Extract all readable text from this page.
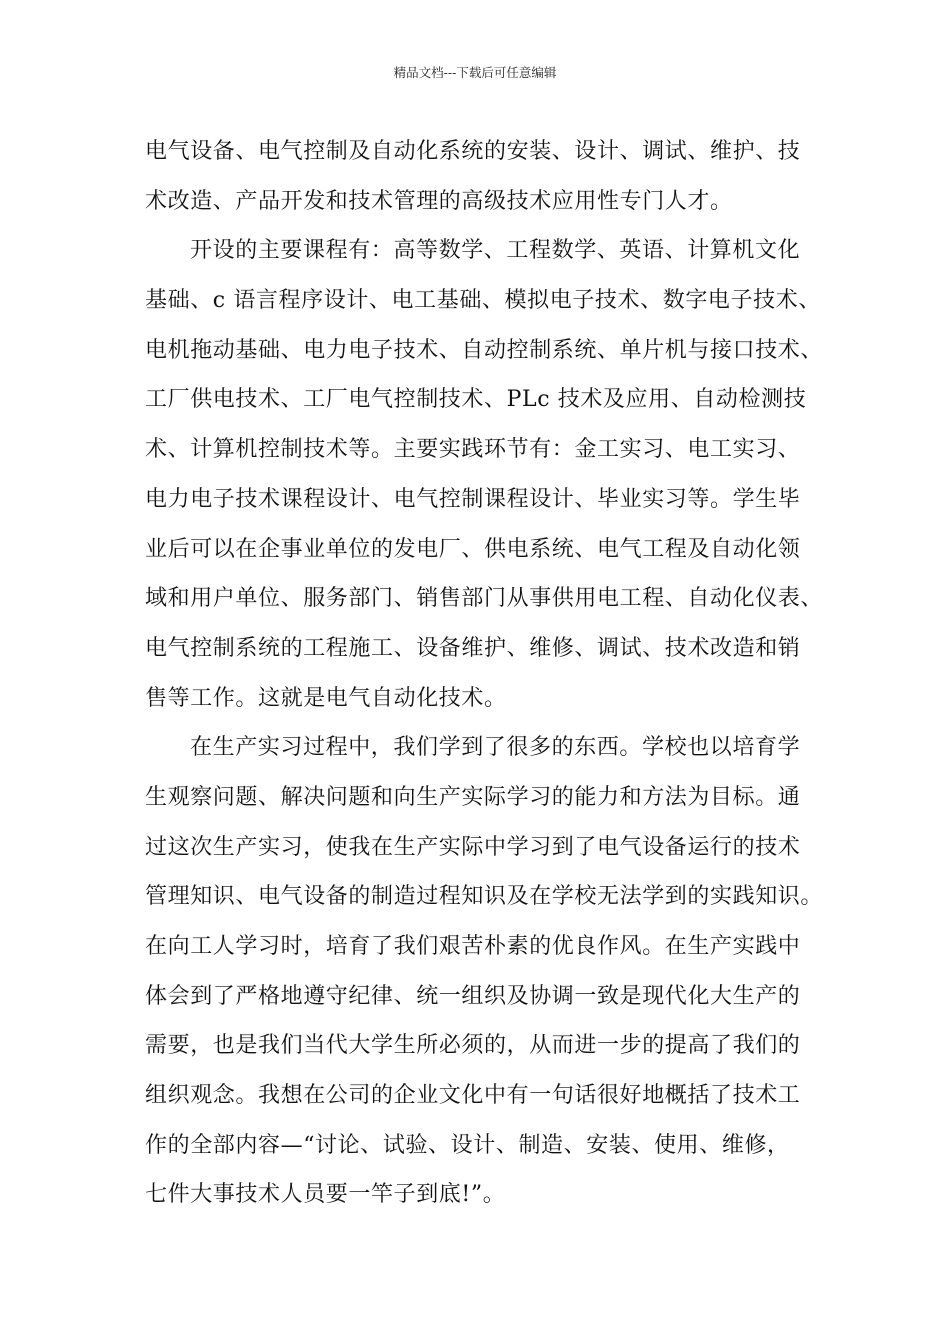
精品文档---下载后可任意编辑
电气设备、电气控制及自动化系统的安装、设计、调试、维护、技
术改造、产品开发和技术管理的高级技术应用性专门人才。
开设的主要课程有：高等数学、工程数学、英语、计算机文化
基础、c 语言程序设计、电工基础、模拟电子技术、数字电子技术、
电机拖动基础、电力电子技术、自动控制系统、单片机与接口技术、
工厂供电技术、工厂电气控制技术、PLc 技术及应用、自动检测技
术、计算机控制技术等。主要实践环节有：金工实习、电工实习、
电力电子技术课程设计、电气控制课程设计、毕业实习等。学生毕
业后可以在企事业单位的发电厂、供电系统、电气工程及自动化领
域和用户单位、服务部门、销售部门从事供用电工程、自动化仪表、
电气控制系统的工程施工、设备维护、维修、调试、技术改造和销
售等工作。这就是电气自动化技术。
在生产实习过程中，我们学到了很多的东西。学校也以培育学
生观察问题、解决问题和向生产实际学习的能力和方法为目标。通
过这次生产实习，使我在生产实际中学习到了电气设备运行的技术
管理知识、电气设备的制造过程知识及在学校无法学到的实践知识。
在向工人学习时，培育了我们艰苦朴素的优良作风。在生产实践中
体会到了严格地遵守纪律、统一组织及协调一致是现代化大生产的
需要，也是我们当代大学生所必须的，从而进一步的提高了我们的
组织观念。我想在公司的企业文化中有一句话很好地概括了技术工
作的全部内容—“讨论、试验、设计、制造、安装、使用、维修，
七件大事技术人员要一竿子到底!”。
